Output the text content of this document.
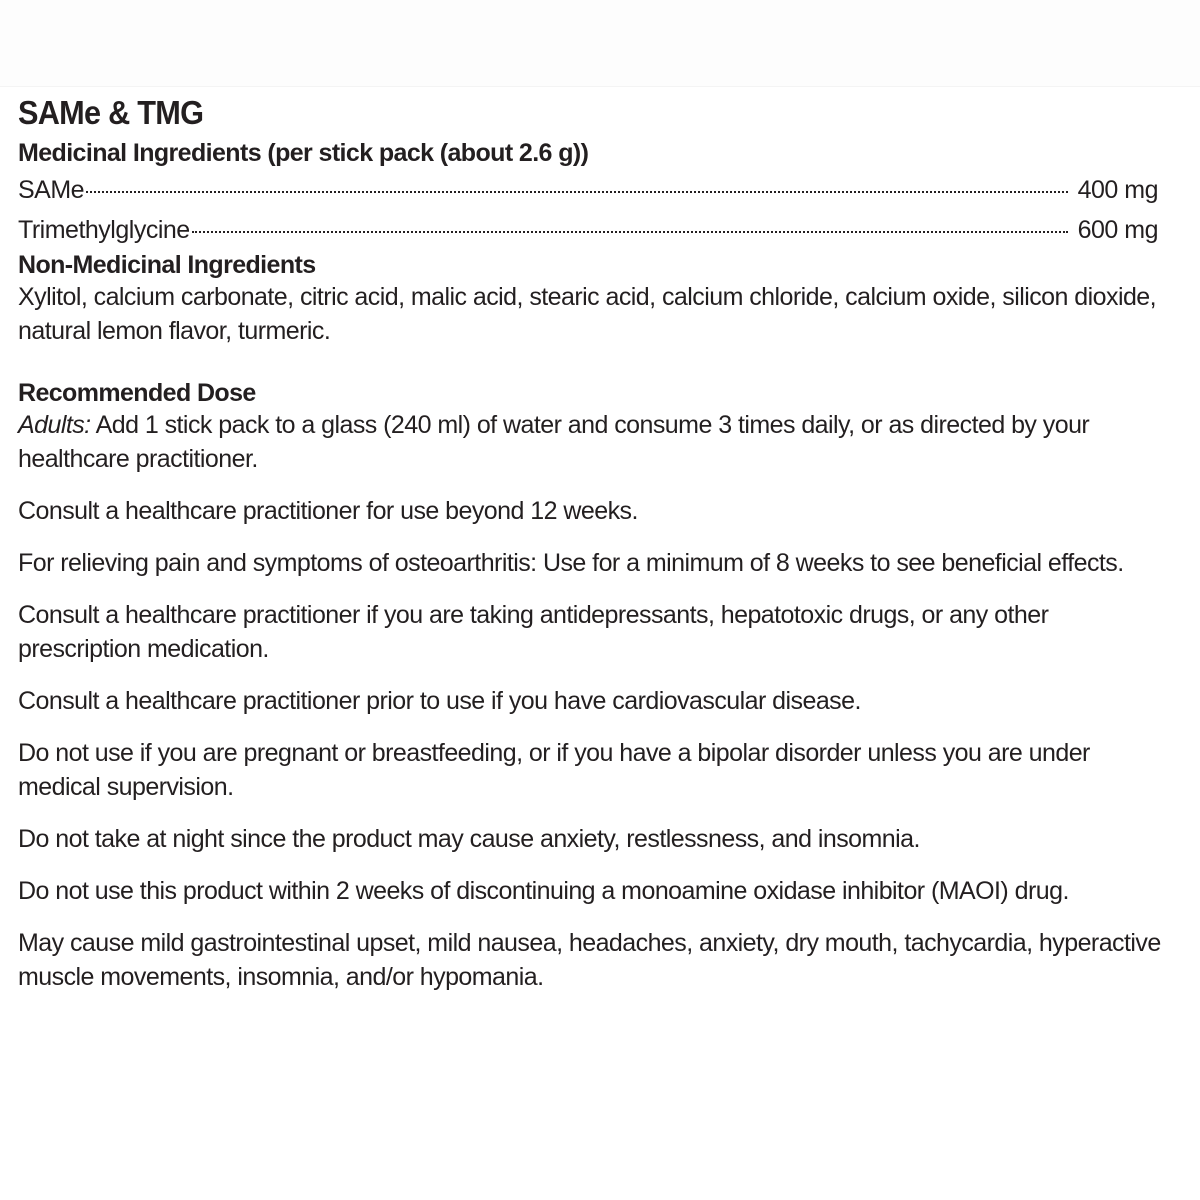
SAMe & TMG
Medicinal Ingredients (per stick pack (about 2.6 g))
SAMe	400 mg
Trimethylglycine	600 mg
Non-Medicinal Ingredients

Xylitol, calcium carbonate, citric acid, malic acid, stearic acid, calcium chloride, calcium oxide, silicon dioxide, natural lemon flavor, turmeric.

Recommended Dose

Adults: Add 1 stick pack to a glass (240 ml) of water and consume 3 times daily, or as directed by your healthcare practitioner.

Consult a healthcare practitioner for use beyond 12 weeks.

For relieving pain and symptoms of osteoarthritis: Use for a minimum of 8 weeks to see beneficial effects.

Consult a healthcare practitioner if you are taking antidepressants, hepatotoxic drugs, or any other prescription medication.

Consult a healthcare practitioner prior to use if you have cardiovascular disease.

Do not use if you are pregnant or breastfeeding, or if you have a bipolar disorder unless you are under medical supervision.

Do not take at night since the product may cause anxiety, restlessness, and insomnia.

Do not use this product within 2 weeks of discontinuing a monoamine oxidase inhibitor (MAOI) drug.

May cause mild gastrointestinal upset, mild nausea, headaches, anxiety, dry mouth, tachycardia, hyperactive muscle movements, insomnia, and/or hypomania.
